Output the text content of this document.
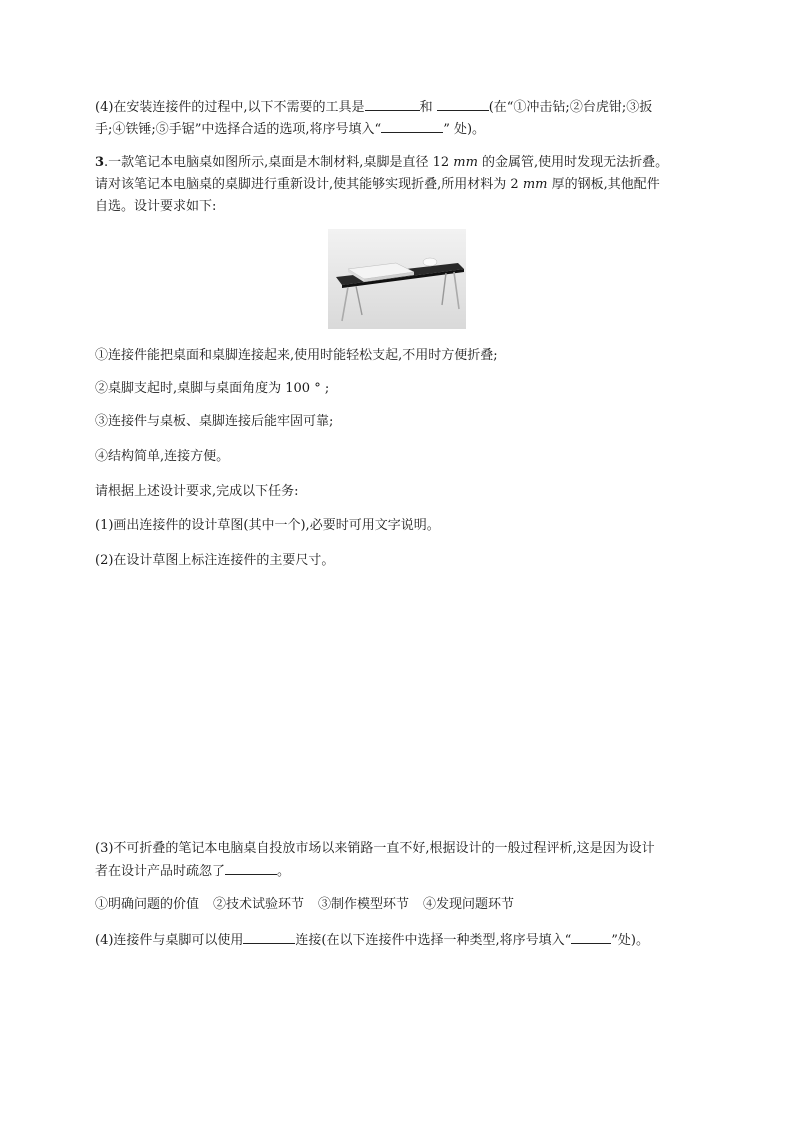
(4)在安装连接件的过程中,以下不需要的工具是	和	(在“①冲击钻;②台虎钳;③扳

手;④铁锤;⑤手锯”中选择合适的选项,将序号填入“	” 处)。

3.一款笔记本电脑桌如图所示,桌面是木制材料,桌脚是直径 12 mm 的金属管,使用时发现无法折叠。

请对该笔记本电脑桌的桌脚进行重新设计,使其能够实现折叠,所用材料为 2 mm 厚的钢板,其他配件

自选。设计要求如下:

①连接件能把桌面和桌脚连接起来,使用时能轻松支起,不用时方便折叠;

②桌脚支起时,桌脚与桌面角度为 100 ° ;

③连接件与桌板、桌脚连接后能牢固可靠;

④结构简单,连接方便。

请根据上述设计要求,完成以下任务:

(1)画出连接件的设计草图(其中一个),必要时可用文字说明。

(2)在设计草图上标注连接件的主要尺寸。

(3)不可折叠的笔记本电脑桌自投放市场以来销路一直不好,根据设计的一般过程评析,这是因为设计

者在设计产品时疏忽了	。

①明确问题的价值 ②技术试验环节 ③制作模型环节 ④发现问题环节

(4)连接件与桌脚可以使用	连接(在以下连接件中选择一种类型,将序号填入“	”处)。
